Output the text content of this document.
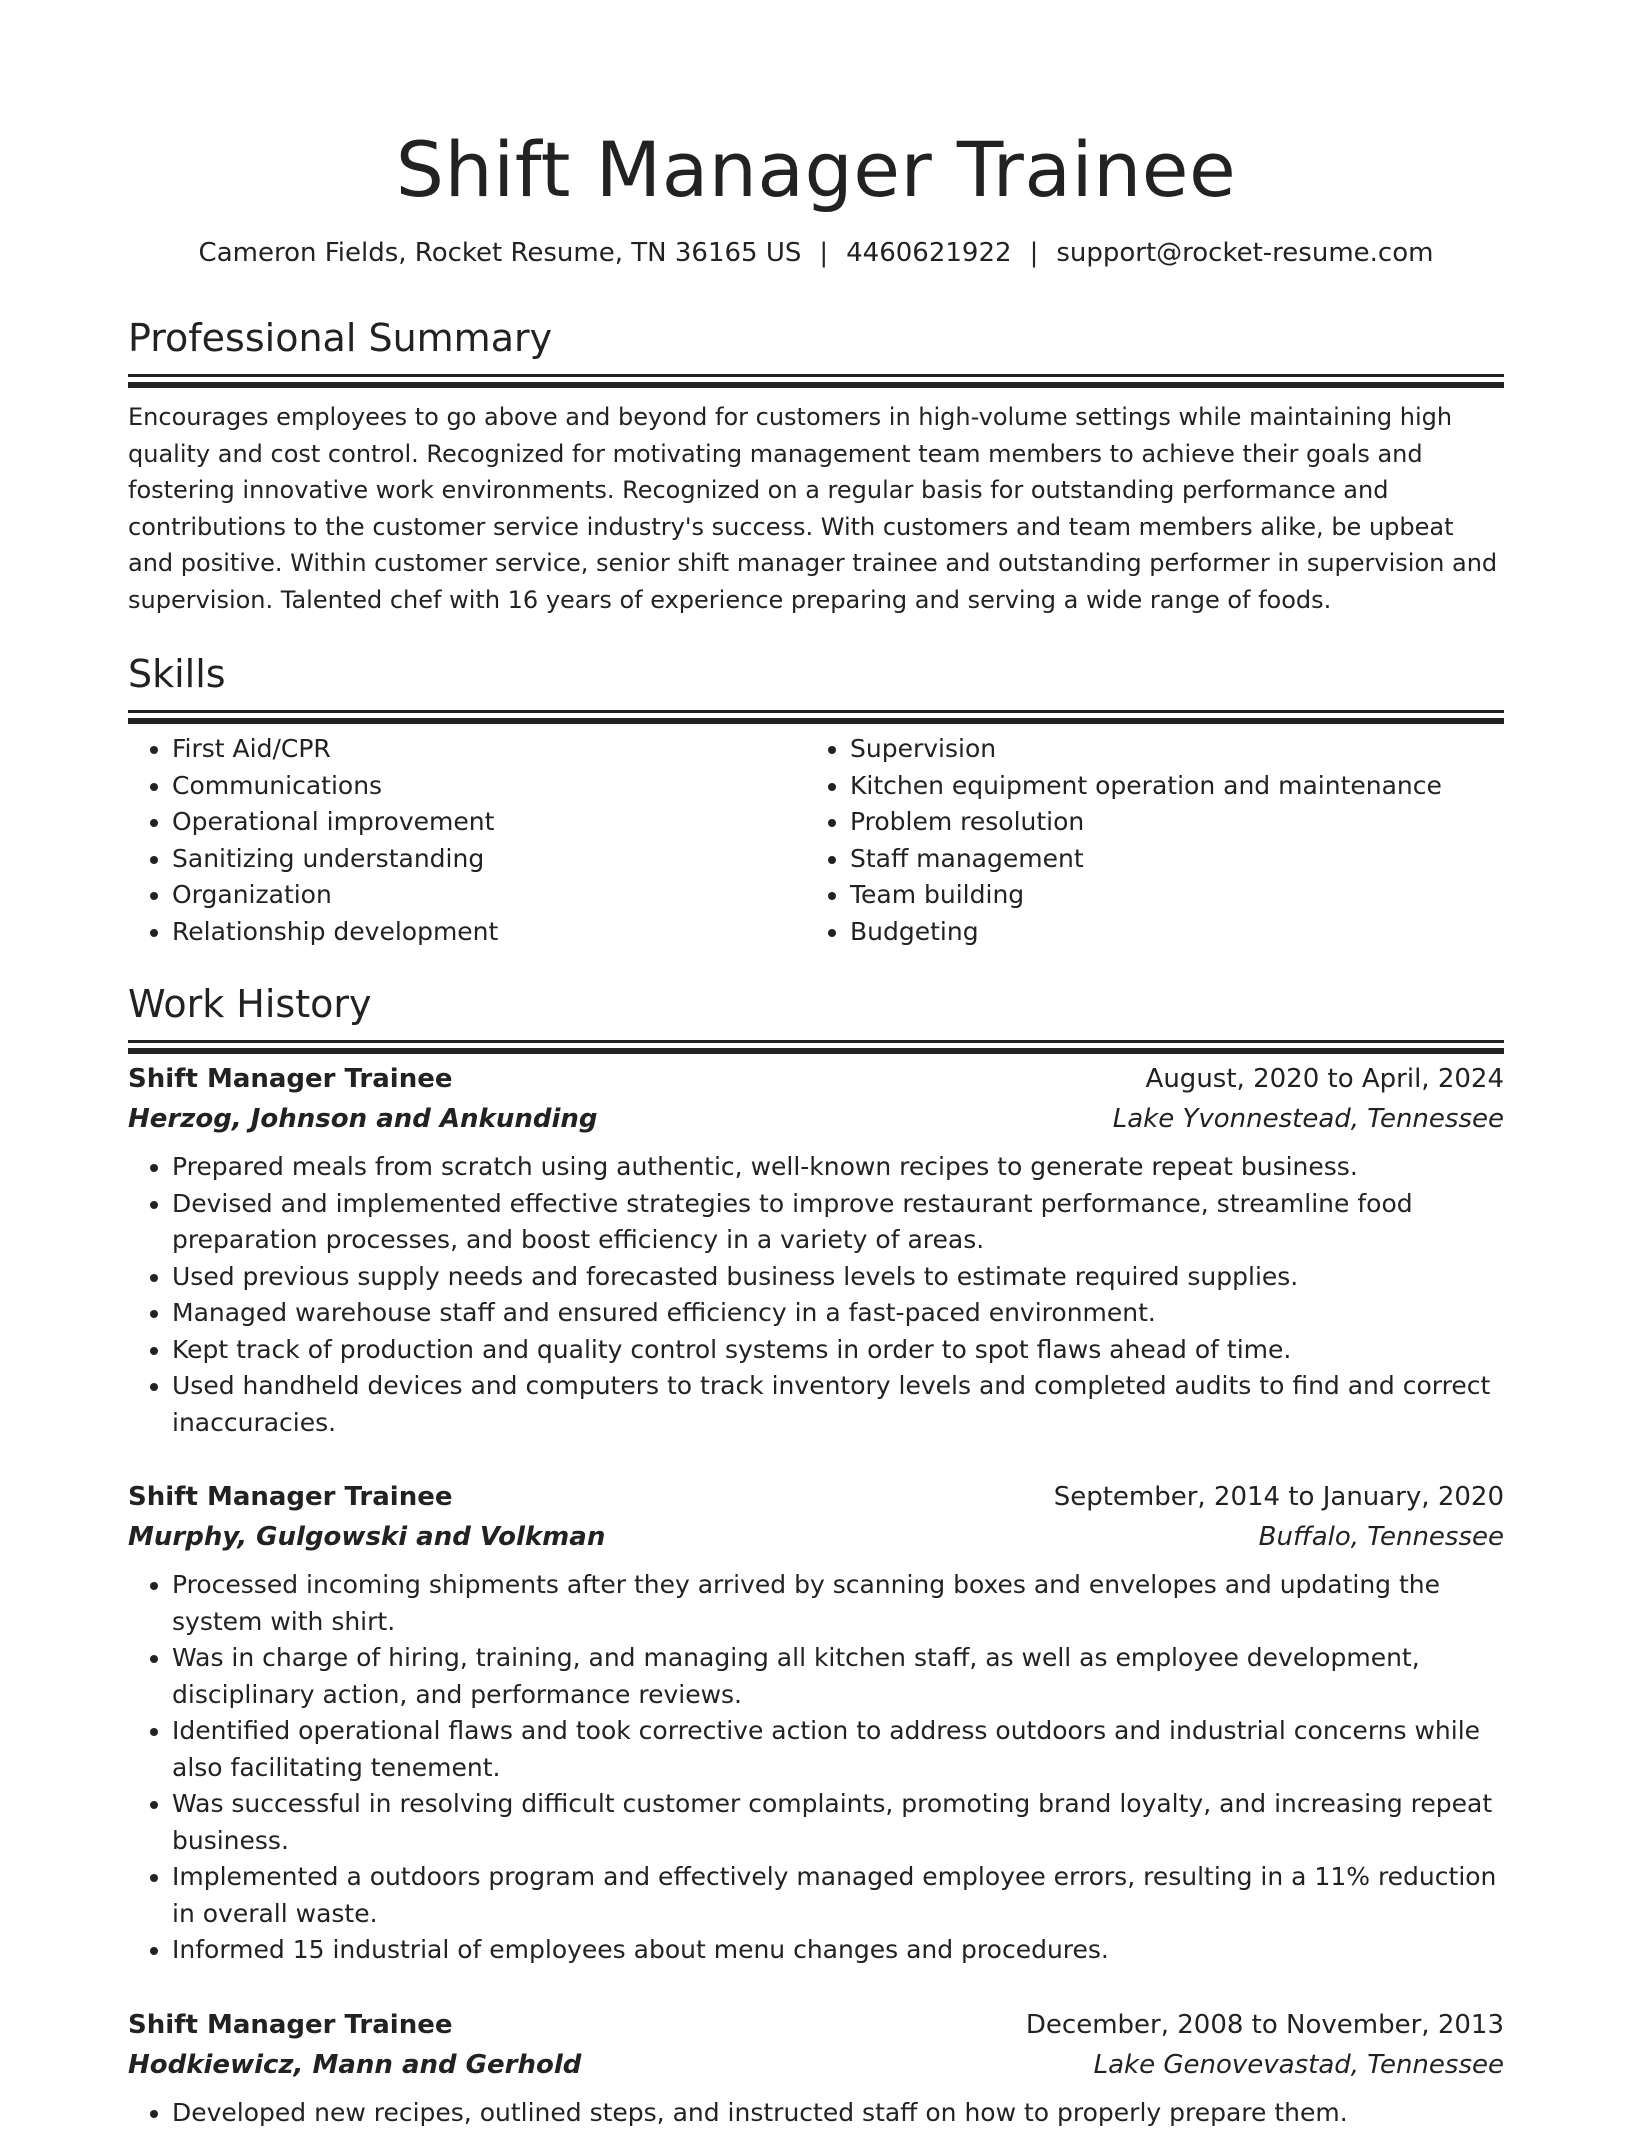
Shift Manager Trainee
Cameron Fields, Rocket Resume, TN 36165 US | 4460621922 | support@rocket-resume.com
Professional Summary

Encourages employees to go above and beyond for customers in high-volume settings while maintaining high quality and cost control. Recognized for motivating management team members to achieve their goals and fostering innovative work environments. Recognized on a regular basis for outstanding performance and contributions to the customer service industry's success. With customers and team members alike, be upbeat and positive. Within customer service, senior shift manager trainee and outstanding performer in supervision and supervision. Talented chef with 16 years of experience preparing and serving a wide range of foods.

Skills
• First Aid/CPR
• Communications
• Operational improvement
• Sanitizing understanding
• Organization
• Relationship development
• Supervision
• Kitchen equipment operation and maintenance
• Problem resolution
• Staff management
• Team building
• Budgeting
Work History
Shift Manager Trainee	August, 2020 to April, 2024
Herzog, Johnson and Ankunding	Lake Yvonnestead, Tennessee
• Prepared meals from scratch using authentic, well-known recipes to generate repeat business.
• Devised and implemented effective strategies to improve restaurant performance, streamline food preparation processes, and boost efficiency in a variety of areas.
• Used previous supply needs and forecasted business levels to estimate required supplies.
• Managed warehouse staff and ensured efficiency in a fast-paced environment.
• Kept track of production and quality control systems in order to spot flaws ahead of time.
• Used handheld devices and computers to track inventory levels and completed audits to find and correct inaccuracies.
Shift Manager Trainee	September, 2014 to January, 2020
Murphy, Gulgowski and Volkman	Buffalo, Tennessee
• Processed incoming shipments after they arrived by scanning boxes and envelopes and updating the system with shirt.
• Was in charge of hiring, training, and managing all kitchen staff, as well as employee development, disciplinary action, and performance reviews.
• Identified operational flaws and took corrective action to address outdoors and industrial concerns while also facilitating tenement.
• Was successful in resolving difficult customer complaints, promoting brand loyalty, and increasing repeat business.
• Implemented a outdoors program and effectively managed employee errors, resulting in a 11% reduction in overall waste.
• Informed 15 industrial of employees about menu changes and procedures.
Shift Manager Trainee	December, 2008 to November, 2013
Hodkiewicz, Mann and Gerhold	Lake Genovevastad, Tennessee
• Developed new recipes, outlined steps, and instructed staff on how to properly prepare them.
